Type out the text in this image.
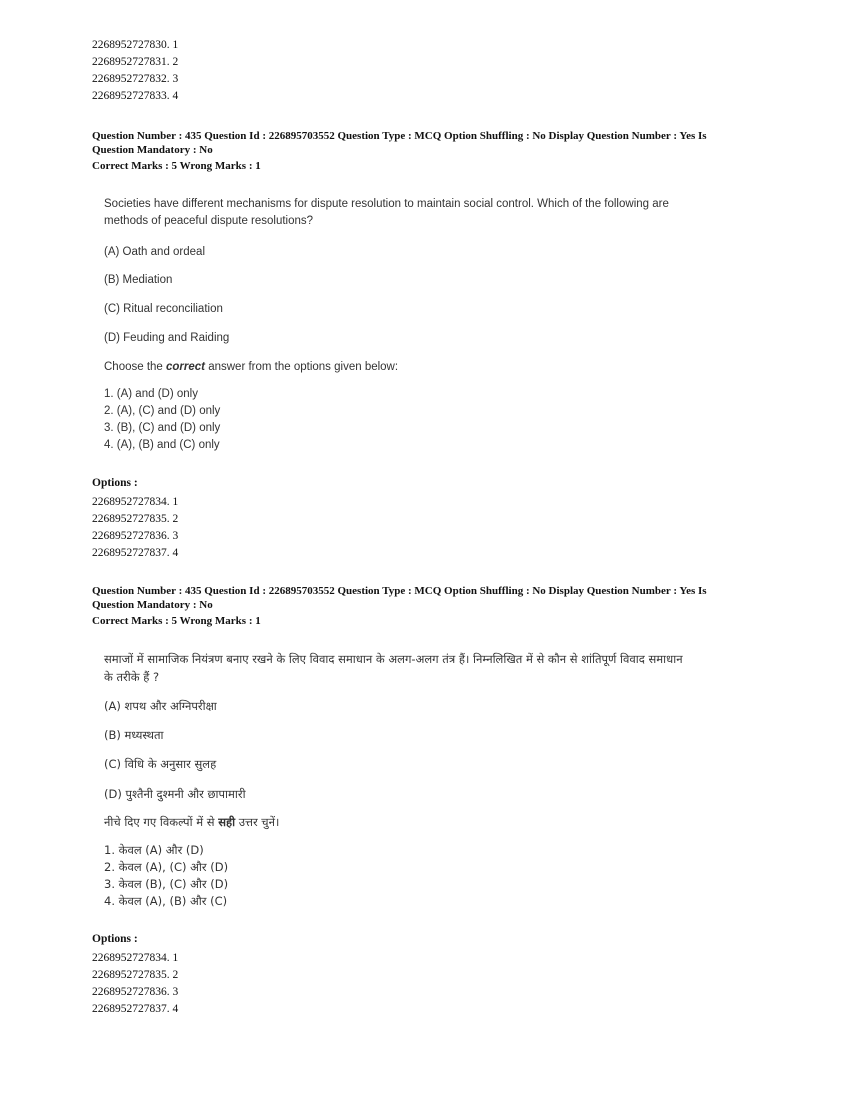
2268952727830. 1
2268952727831. 2
2268952727832. 3
2268952727833. 4
Question Number : 435 Question Id : 226895703552 Question Type : MCQ Option Shuffling : No Display Question Number : Yes Is
Question Mandatory : No
Correct Marks : 5 Wrong Marks : 1

Societies have different mechanisms for dispute resolution to maintain social control. Which of the following are
methods of peaceful dispute resolutions?

(A) Oath and ordeal

(B) Mediation

(C) Ritual reconciliation

(D) Feuding and Raiding

Choose the correct answer from the options given below:

1. (A) and (D) only
2. (A), (C) and (D) only
3. (B), (C) and (D) only
4. (A), (B) and (C) only
Options :
2268952727834. 1
2268952727835. 2
2268952727836. 3
2268952727837. 4
Question Number : 435 Question Id : 226895703552 Question Type : MCQ Option Shuffling : No Display Question Number : Yes Is
Question Mandatory : No
Correct Marks : 5 Wrong Marks : 1

समाजों में सामाजिक नियंत्रण बनाए रखने के लिए विवाद समाधान के अलग-अलग तंत्र हैं। निम्नलिखित में से कौन से शांतिपूर्ण विवाद समाधान
के तरीके हैं ?

(A) शपथ और अग्निपरीक्षा

(B) मध्यस्थता

(C) विधि के अनुसार सुलह

(D) पुश्तैनी दुश्मनी और छापामारी

नीचे दिए गए विकल्पों में से सही उत्तर चुनें।

1. केवल (A) और (D)
2. केवल (A), (C) और (D)
3. केवल (B), (C) और (D)
4. केवल (A), (B) और (C)
Options :
2268952727834. 1
2268952727835. 2
2268952727836. 3
2268952727837. 4
